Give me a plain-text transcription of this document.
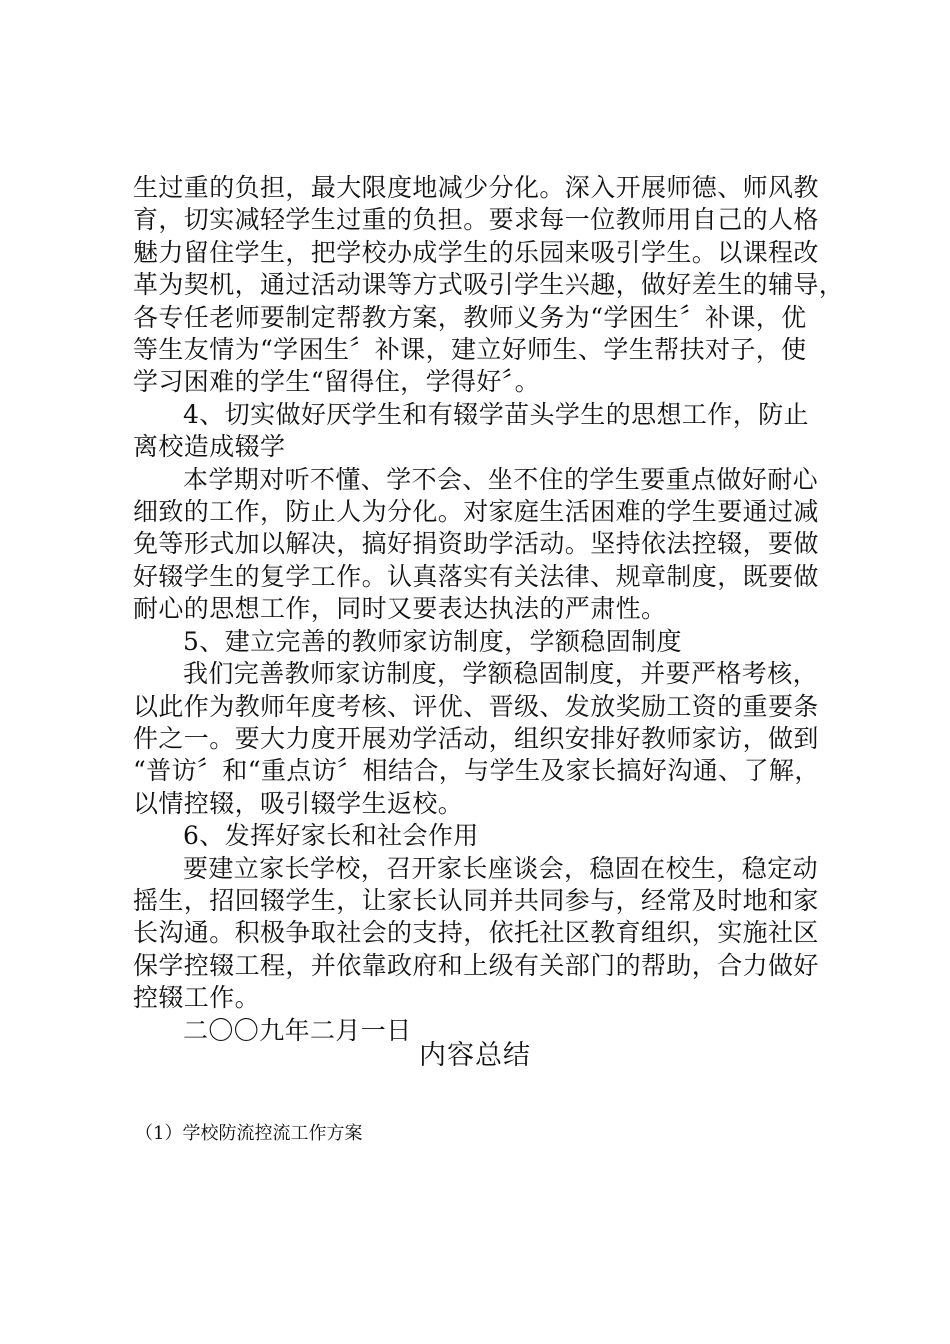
生过重的负担，最大限度地减少分化。深入开展师德、师风教

育，切实减轻学生过重的负担。要求每一位教师用自己的人格

魅力留住学生，把学校办成学生的乐园来吸引学生。以课程改

革为契机，通过活动课等方式吸引学生兴趣，做好差生的辅导，

各专任老师要制定帮教方案，教师义务为“学困生〞补课，优

等生友情为“学困生〞补课，建立好师生、学生帮扶对子，使

学习困难的学生“留得住，学得好〞。

4、切实做好厌学生和有辍学苗头学生的思想工作，防止

离校造成辍学

本学期对听不懂、学不会、坐不住的学生要重点做好耐心

细致的工作，防止人为分化。对家庭生活困难的学生要通过减

免等形式加以解决，搞好捐资助学活动。坚持依法控辍，要做

好辍学生的复学工作。认真落实有关法律、规章制度，既要做

耐心的思想工作，同时又要表达执法的严肃性。

5、建立完善的教师家访制度，学额稳固制度

我们完善教师家访制度，学额稳固制度，并要严格考核，

以此作为教师年度考核、评优、晋级、发放奖励工资的重要条

件之一。要大力度开展劝学活动，组织安排好教师家访，做到

“普访〞和“重点访〞相结合，与学生及家长搞好沟通、了解，

以情控辍，吸引辍学生返校。

6、发挥好家长和社会作用

要建立家长学校，召开家长座谈会，稳固在校生，稳定动

摇生，招回辍学生，让家长认同并共同参与，经常及时地和家

长沟通。积极争取社会的支持，依托社区教育组织，实施社区

保学控辍工程，并依靠政府和上级有关部门的帮助，合力做好

控辍工作。

二〇〇九年二月一日

内容总结
（1）学校防流控流工作方案
